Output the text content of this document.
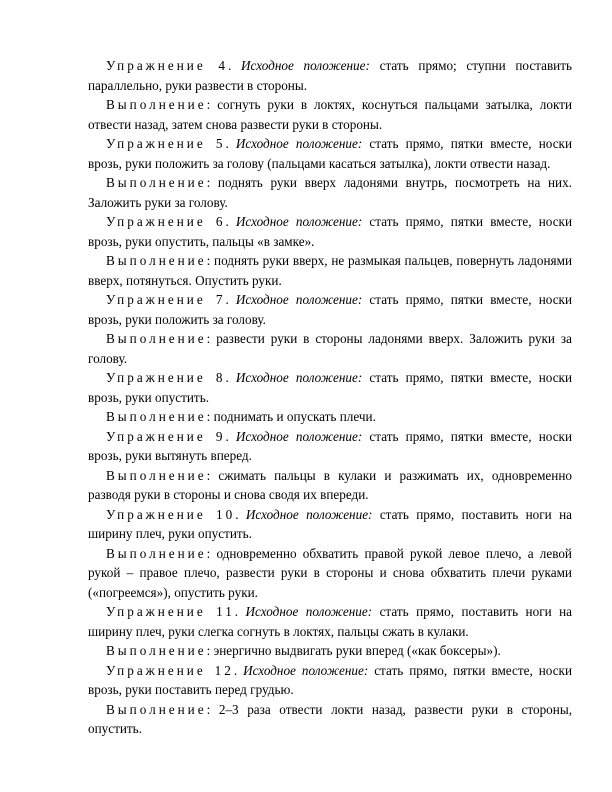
Упражнение 4. Исходное положение: стать прямо; ступни поставить параллельно, руки развести в стороны.

Выполнение: согнуть руки в локтях, коснуться пальцами затылка, локти отвести назад, затем снова развести руки в стороны.

Упражнение 5. Исходное положение: стать прямо, пятки вместе, носки врозь, руки положить за голову (пальцами касаться затылка), локти отвести назад.

Выполнение: поднять руки вверх ладонями внутрь, посмотреть на них. Заложить руки за голову.

Упражнение 6. Исходное положение: стать прямо, пятки вместе, носки врозь, руки опустить, пальцы «в замке».

Выполнение: поднять руки вверх, не размыкая пальцев, повернуть ладонями вверх, потянуться. Опустить руки.

Упражнение 7. Исходное положение: стать прямо, пятки вместе, носки врозь, руки положить за голову.

Выполнение: развести руки в стороны ладонями вверх. Заложить руки за голову.

Упражнение 8. Исходное положение: стать прямо, пятки вместе, носки врозь, руки опустить.

Выполнение: поднимать и опускать плечи.

Упражнение 9. Исходное положение: стать прямо, пятки вместе, носки врозь, руки вытянуть вперед.

Выполнение: сжимать пальцы в кулаки и разжимать их, одновременно разводя руки в стороны и снова сводя их впереди.

Упражнение 10. Исходное положение: стать прямо, поставить ноги на ширину плеч, руки опустить.

Выполнение: одновременно обхватить правой рукой левое плечо, а левой рукой – правое плечо, развести руки в стороны и снова обхватить плечи руками («погреемся»), опустить руки.

Упражнение 11. Исходное положение: стать прямо, поставить ноги на ширину плеч, руки слегка согнуть в локтях, пальцы сжать в кулаки.

Выполнение: энергично выдвигать руки вперед («как боксеры»).

Упражнение 12. Исходное положение: стать прямо, пятки вместе, носки врозь, руки поставить перед грудью.

Выполнение: 2–3 раза отвести локти назад, развести руки в стороны, опустить.
